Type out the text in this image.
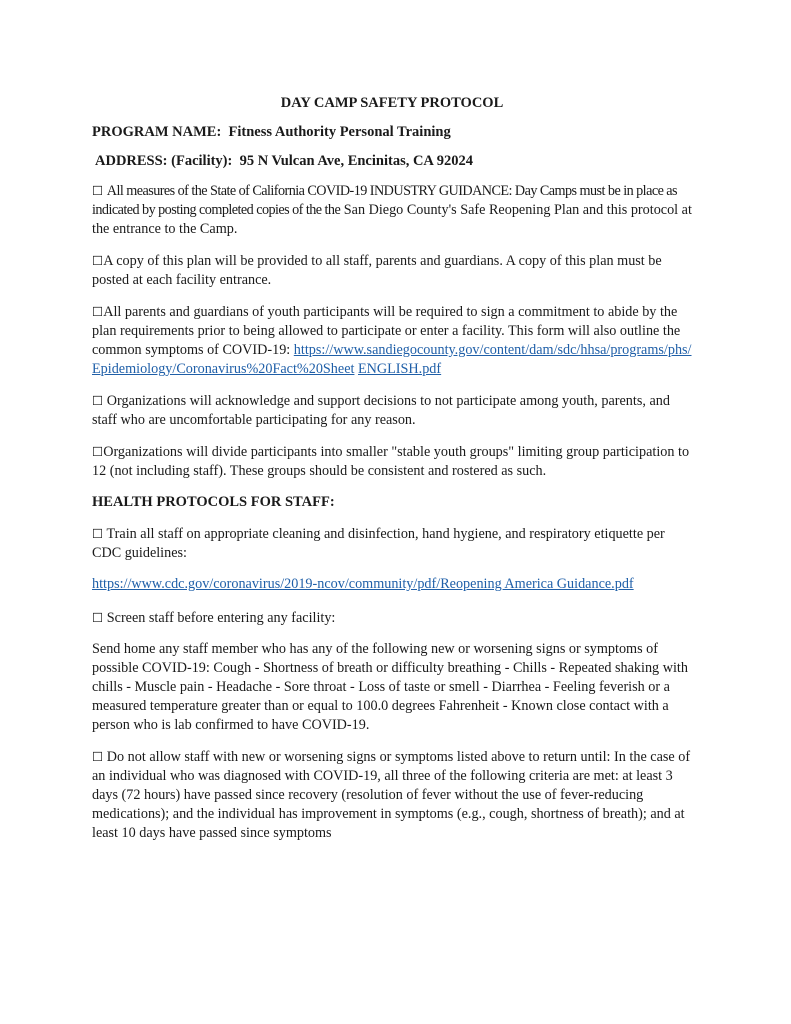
DAY CAMP SAFETY PROTOCOL
PROGRAM NAME: Fitness Authority Personal Training
ADDRESS: (Facility): 95 N Vulcan Ave, Encinitas, CA 92024

☐ All measures of the State of California COVID-19 INDUSTRY GUIDANCE: Day Camps must be in place as indicated by posting completed copies of the the San Diego County's Safe Reopening Plan and this protocol at the entrance to the Camp.

☐A copy of this plan will be provided to all staff, parents and guardians. A copy of this plan must be posted at each facility entrance.

☐All parents and guardians of youth participants will be required to sign a commitment to abide by the plan requirements prior to being allowed to participate or enter a facility. This form will also outline the common symptoms of COVID-19: https://www.sandiegocounty.gov/content/dam/sdc/hhsa/programs/phs/Epidemiology/Coronavirus%20Fact%20Sheet ENGLISH.pdf

☐ Organizations will acknowledge and support decisions to not participate among youth, parents, and staff who are uncomfortable participating for any reason.

☐Organizations will divide participants into smaller "stable youth groups" limiting group participation to 12 (not including staff). These groups should be consistent and rostered as such.

HEALTH PROTOCOLS FOR STAFF:

☐ Train all staff on appropriate cleaning and disinfection, hand hygiene, and respiratory etiquette per CDC guidelines:

https://www.cdc.gov/coronavirus/2019-ncov/community/pdf/Reopening America Guidance.pdf

☐ Screen staff before entering any facility:

Send home any staff member who has any of the following new or worsening signs or symptoms of possible COVID-19: Cough - Shortness of breath or difficulty breathing - Chills - Repeated shaking with chills - Muscle pain - Headache - Sore throat - Loss of taste or smell - Diarrhea - Feeling feverish or a measured temperature greater than or equal to 100.0 degrees Fahrenheit - Known close contact with a person who is lab confirmed to have COVID-19.

☐ Do not allow staff with new or worsening signs or symptoms listed above to return until: In the case of an individual who was diagnosed with COVID-19, all three of the following criteria are met: at least 3 days (72 hours) have passed since recovery (resolution of fever without the use of fever-reducing medications); and the individual has improvement in symptoms (e.g., cough, shortness of breath); and at least 10 days have passed since symptoms
